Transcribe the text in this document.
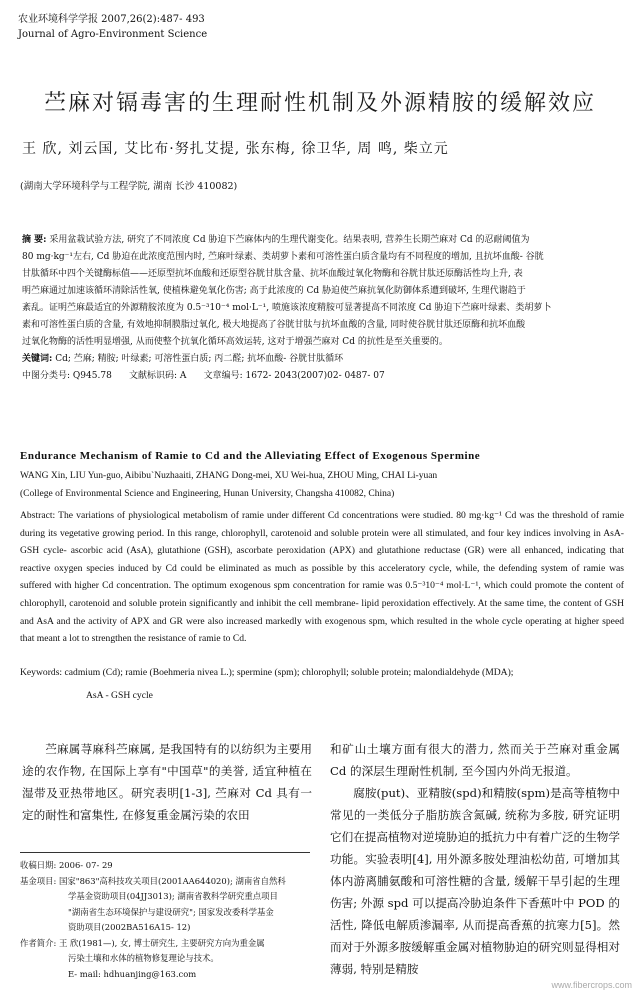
农业环境科学学报 2007,26(2):487- 493
Journal of Agro-Environment Science
苎麻对镉毒害的生理耐性机制及外源精胺的缓解效应
王 欣, 刘云国, 艾比布·努扎艾提, 张东梅, 徐卫华, 周 鸣, 柴立元
(湖南大学环境科学与工程学院, 湖南 长沙 410082)
摘 要: 采用盆栽试验方法, 研究了不同浓度 Cd 胁迫下苎麻体内的生理代谢变化。结果表明, 营养生长期苎麻对 Cd 的忍耐阈值为
80 mg·kg⁻¹左右, Cd 胁迫在此浓度范围内时, 苎麻叶绿素、类胡萝卜素和可溶性蛋白质含量均有不同程度的增加, 且抗坏血酸- 谷胱
甘肽循环中四个关键酶标值——还原型抗坏血酸和还原型谷胱甘肽含量、抗坏血酸过氧化物酶和谷胱甘肽还原酶活性均上升, 表
明苎麻通过加速该循环清除活性氧, 使植株避免氧化伤害; 高于此浓度的 Cd 胁迫使苎麻抗氧化防御体系遭到破坏, 生理代谢趋于
紊乱。证明苎麻最适宜的外源精胺浓度为 0.5⁻³10⁻⁴ mol·L⁻¹, 喷施该浓度精胺可显著提高不同浓度 Cd 胁迫下苎麻叶绿素、类胡萝卜
素和可溶性蛋白质的含量, 有效地抑制膜脂过氧化, 极大地提高了谷胱甘肽与抗坏血酸的含量, 同时使谷胱甘肽还原酶和抗坏血酸
过氧化物酶的活性明显增强, 从而使整个抗氧化循环高效运转, 这对于增强苎麻对 Cd 的抗性是至关重要的。
关键词: Cd; 苎麻; 精胺; 叶绿素; 可溶性蛋白质; 丙二醛; 抗坏血酸- 谷胱甘肽循环
中图分类号: Q945.78 文献标识码: A 文章编号: 1672- 2043(2007)02- 0487- 07
Endurance Mechanism of Ramie to Cd and the Alleviating Effect of Exogenous Spermine
WANG Xin, LIU Yun-guo, Aibibu`Nuzhaaiti, ZHANG Dong-mei, XU Wei-hua, ZHOU Ming, CHAI Li-yuan
(College of Environmental Science and Engineering, Hunan University, Changsha 410082, China)
Abstract: The variations of physiological metabolism of ramie under different Cd concentrations were studied. 80 mg·kg⁻¹ Cd was the threshold of ramie during its vegetative growing period. In this range, chlorophyll, carotenoid and soluble protein were all stimulated, and four key indices involving in AsA- GSH cycle- ascorbic acid (AsA), glutathione (GSH), ascorbate peroxidation (APX) and glutathione reductase (GR) were all enhanced, indicating that reactive oxygen species induced by Cd could be eliminated as much as possible by this acceleratory cycle, while, the defending system of ramie was suffered with higher Cd concentration. The optimum exogenous spm concentration for ramie was 0.5⁻³10⁻⁴ mol·L⁻¹, which could promote the content of chlorophyll, carotenoid and soluble protein significantly and inhibit the cell membrane- lipid peroxidation effectively. At the same time, the content of GSH and AsA and the activity of APX and GR were also increased markedly with exogenous spm, which resulted in the whole cycle operating at higher speed that meant a lot to strengthen the resistance of ramie to Cd.
Keywords: cadmium (Cd); ramie (Boehmeria nivea L.); spermine (spm); chlorophyll; soluble protein; malondialdehyde (MDA);
AsA - GSH cycle

苎麻属荨麻科苎麻属, 是我国特有的以纺织为主要用途的农作物, 在国际上享有"中国草"的美誉, 适宜种植在湿带及亚热带地区。研究表明[1-3], 苎麻对 Cd 具有一定的耐性和富集性, 在修复重金属污染的农田

收稿日期: 2006- 07- 29
基金项目: 国家"863"高科技攻关项目(2001AA644020); 湖南省自然科
学基金资助项目(04JJ3013); 湖南省教科学研究重点项目
"湖南省生态环境保护与建设研究"; 国家发改委科学基金
资助项目(2002BA516A15- 12)
作者简介: 王 欣(1981—), 女, 博士研究生, 主要研究方向为重金属
污染土壤和水体的植物修复理论与技术。
E- mail: hdhuanjing@163.com

和矿山土壤方面有很大的潜力, 然而关于苎麻对重金属 Cd 的深层生理耐性机制, 至今国内外尚无报道。

腐胺(put)、亚精胺(spd)和精胺(spm)是高等植物中常见的一类低分子脂肪族含氮碱, 统称为多胺, 研究证明它们在提高植物对逆境胁迫的抵抗力中有着广泛的生物学功能。实验表明[4], 用外源多胺处理油松幼苗, 可增加其体内游离脯氨酸和可溶性糖的含量, 缓解干旱引起的生理伤害; 外源 spd 可以提高冷胁迫条件下香蕉叶中 POD 的活性, 降低电解质渗漏率, 从而提高香蕉的抗寒力[5]。然而对于外源多胺缓解重金属对植物胁迫的研究则显得相对薄弱, 特别是精胺

www.fibercrops.com
